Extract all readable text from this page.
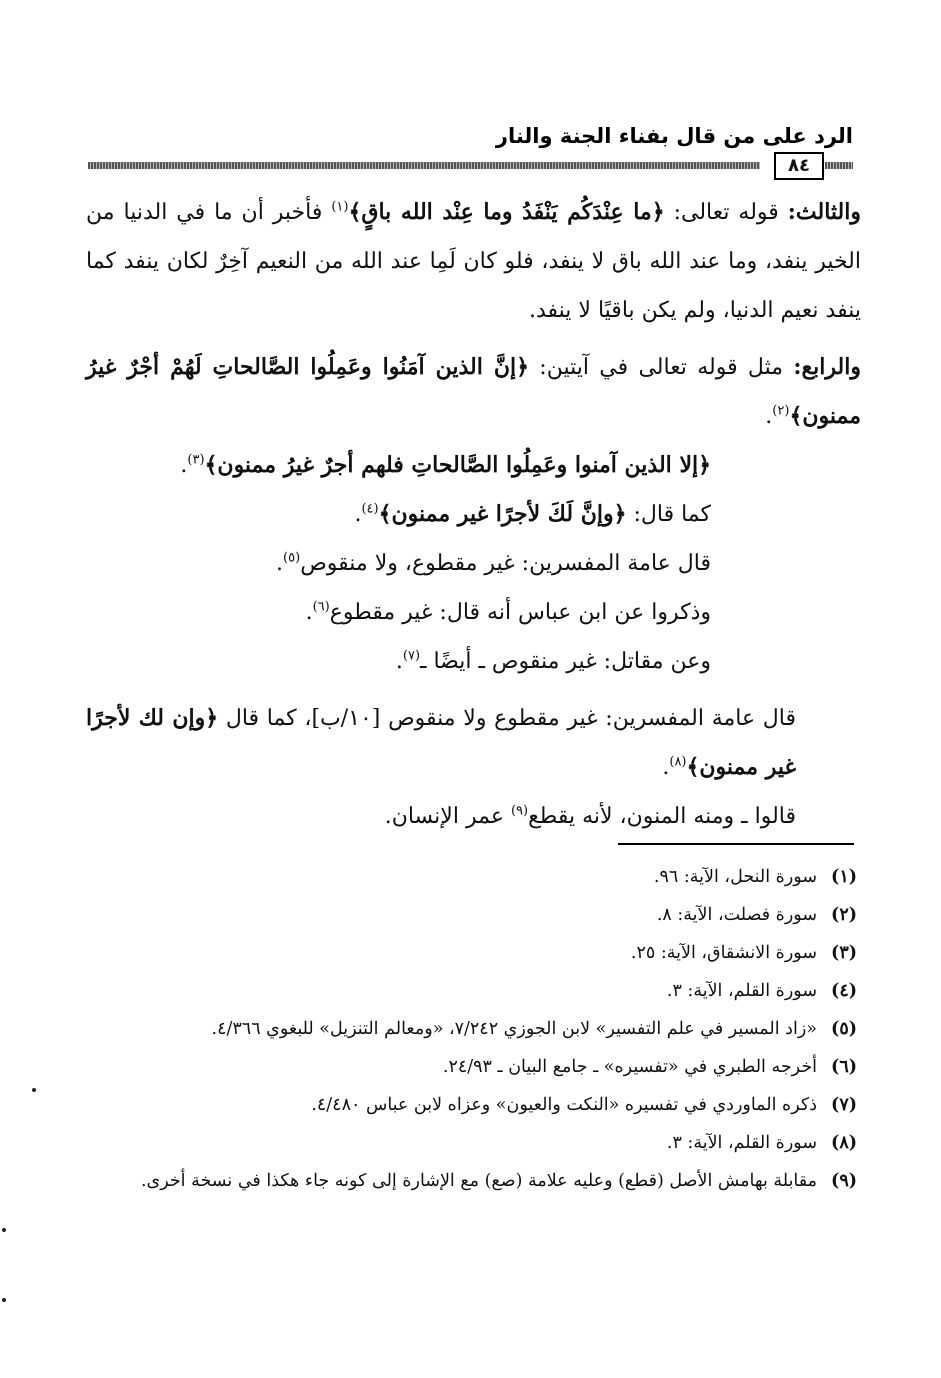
الرد على من قال بفناء الجنة والنار
٨٤

والثالث: قوله تعالى: ﴿ما عِنْدَكُم يَنْفَدُ وما عِنْد الله باقٍ﴾$^{(١)}$ فأخبر أن ما في الدنيا من الخير ينفد، وما عند الله باق لا ينفد، فلو كان لَمِا عند الله من النعيم آخِرٌ لكان ينفد كما ينفد نعيم الدنيا، ولم يكن باقيًا لا ينفد.

والرابع: مثل قوله تعالى في آيتين: ﴿إنَّ الذين آمَنُوا وعَمِلُوا الصَّالحاتِ لَهُمْ أجْرٌ غيرُ ممنون﴾$^{(٢)}$.

﴿إلا الذين آمنوا وعَمِلُوا الصَّالحاتِ فلهم أجرٌ غيرُ ممنون﴾$^{(٣)}$.

كما قال: ﴿وإنَّ لَكَ لأجرًا غير ممنون﴾$^{(٤)}$.

قال عامة المفسرين: غير مقطوع، ولا منقوص$^{(٥)}$.

وذكروا عن ابن عباس أنه قال: غير مقطوع$^{(٦)}$.

وعن مقاتل: غير منقوص ـ أيضًا ـ$^{(٧)}$.

قال عامة المفسرين: غير مقطوع ولا منقوص [١٠/ب]، كما قال ﴿وإن لك لأجرًا غير ممنون﴾$^{(٨)}$.

قالوا ـ ومنه المنون، لأنه يقطع$^{(٩)}$ عمر الإنسان.

(١)
سورة النحل، الآية: ٩٦.

(٢)
سورة فصلت، الآية: ٨.

(٣)
سورة الانشقاق، الآية: ٢٥.

(٤)
سورة القلم، الآية: ٣.

(٥)
«زاد المسير في علم التفسير» لابن الجوزي ٧/٢٤٢، «ومعالم التنزيل» للبغوي ٤/٣٦٦.

(٦)
أخرجه الطبري في «تفسيره» ـ جامع البيان ـ ٢٤/٩٣.

(٧)
ذكره الماوردي في تفسيره «النكت والعيون» وعزاه لابن عباس ٤/٤٨٠.

(٨)
سورة القلم، الآية: ٣.

(٩)
مقابلة بهامش الأصل (قطع) وعليه علامة (صع) مع الإشارة إلى كونه جاء هكذا في نسخة أخرى.
